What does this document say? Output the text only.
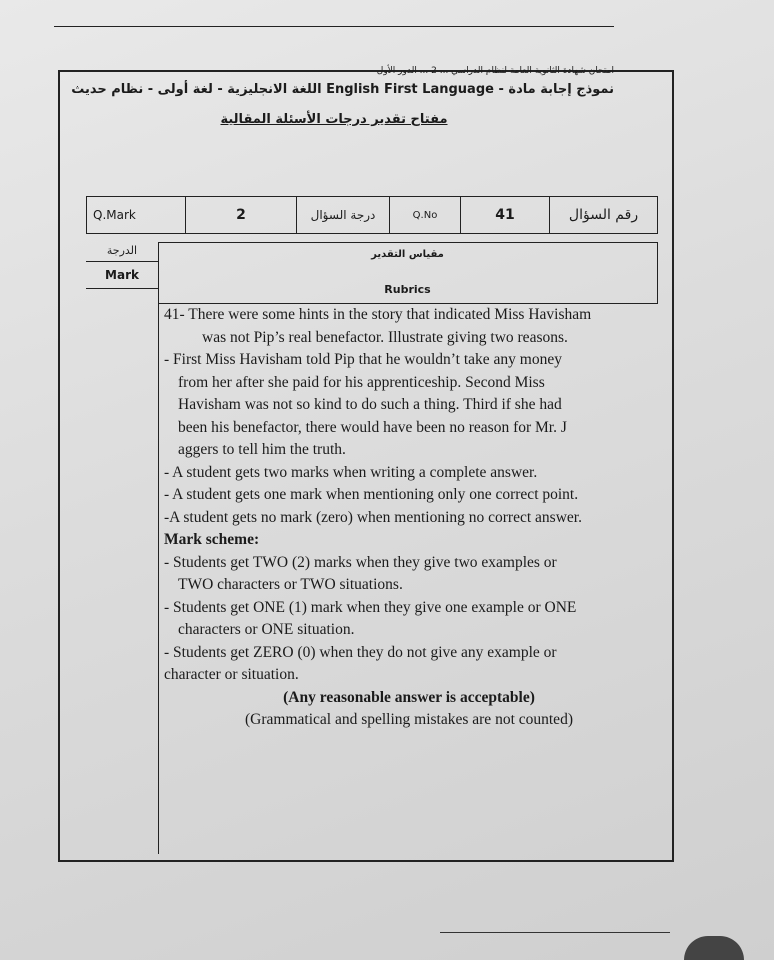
امتحان شهادة الثانوية العامة لنظام الدراسي ... 2 ... الدور الأول
نموذج إجابة مادة - English First Language اللغة الانجليزية - لغة أولى - نظام حديث
مفتاح تقدير درجات الأسئلة المقالية
Q.Mark	2	درجة السؤال	Q.No	41	رقم السؤال
الدرجة
Mark
مقياس التقدير
Rubrics

41- There were some hints in the story that indicated Miss Havisham

was not Pip’s real benefactor. Illustrate giving two reasons.

- First Miss Havisham told Pip that he wouldn’t take any money

from her after she paid for his apprenticeship. Second Miss

Havisham was not so kind to do such a thing. Third if she had

been his benefactor, there would have been no reason for Mr. J

aggers to tell him the truth.

- A student gets two marks when writing a complete answer.

- A student gets one mark when mentioning only one correct point.

-A student gets no mark (zero) when mentioning no correct answer.

Mark scheme:

- Students get TWO (2) marks when they give two examples or

TWO characters or TWO situations.

- Students get ONE (1) mark when they give one example or ONE

characters or ONE situation.

- Students get ZERO (0) when they do not give any example or

character or situation.

(Any reasonable answer is acceptable)

(Grammatical and spelling mistakes are not counted)
